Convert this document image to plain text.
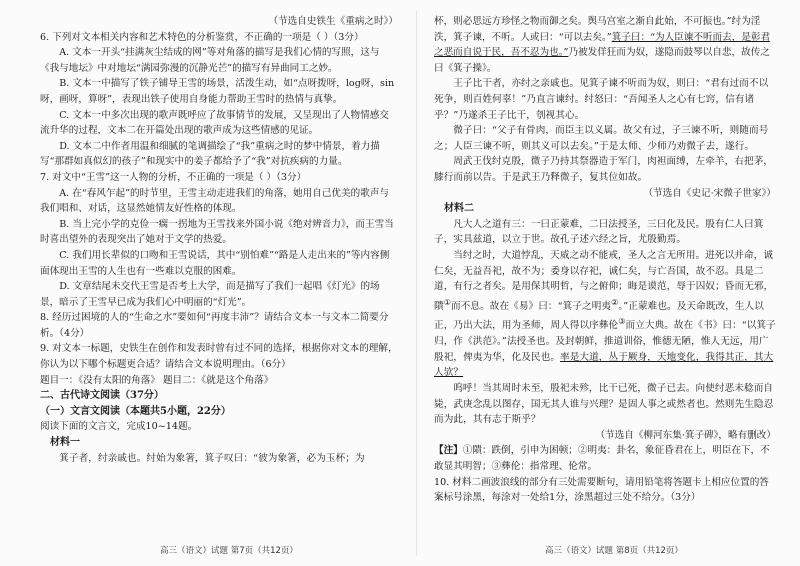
（节选自史铁生《重病之时》）

6. 下列对文本相关内容和艺术特色的分析鉴赏，不正确的一项是（ ）（3分）

A. 文本一开头“挂满灰尘结成的网”等对角落的描写是我们心情的写照，这与《我与地坛》中对地坛“满园弥漫的沉静光芒”的描写有异曲同工之妙。

B. 文本一中描写了铁子铺导王雪的场景，活泼生动，如“点呀拨呀，log呀，sin呀，画呀，算呀”，表现出铁子使用自身能力帮助王雪时的热情与真挚。

C. 文本一中多次出现的歌声既呼应了故事情节的发展，又呈现出了人物情感交流升华的过程，文本二在开篇处出现的歌声成为这些情感的见证。

D. 文本二中作者用温和细腻的笔调描绘了“我”重病之时的梦中情景，着力描写“那群如真似幻的孩子”和现实中的姜子都给予了“我”对抗疾病的力量。

7. 对文中“王雪”这一人物的分析，不正确的一项是（ ）（3分）

A. 在“春风乍起”的时节里，王雪主动走进我们的角落，她用自己优美的歌声与我们唱和、对话，这显然她情友好性格的体现。

B. 当上完小学的克俭一瘸一拐地为王雪找来外国小说《绝对辨音力》，而王雪当时喜出望外的表现突出了她对于文学的热爱。

C. 我们用长辈似的口吻和王雪说话，其中“别怕难”“路是人走出来的”等内容侧面体现出王雪的人生也有一些难以克服的困难。

D. 文章结尾未交代王雪是否考上大学，而是描写了我们一起唱《灯光》的场景，暗示了王雪早已成为我们心中明丽的“灯光”。

8. 经历过困境的人的“生命之水”要如何“再度丰沛”？请结合文本一与文本二简要分析。（4分）

9. 对文本一标题，史铁生在创作和发表时曾有过不同的选择，根据你对文本的理解，你认为以下哪个标题更合适？请结合文本说明理由。（6分）

题目一：《没有太阳的角落》 题目二：《就是这个角落》

二、古代诗文阅读（37分）

（一）文言文阅读（本题共5小题，22分）

阅读下面的文言文，完成10~14题。

材料一

箕子者，纣亲戚也。纣始为象箸，箕子叹曰：“彼为象箸，必为玉杯；为

杯，则必思远方珍怪之物而御之矣。舆马宫室之渐自此始，不可振也。”纣为淫泆，箕子谏，不听。人或曰：“可以去矣。”箕子曰：“为人臣谏不听而去，是彰君之恶而自说于民，吾不忍为也。”乃被发佯狂而为奴，遂隐而鼓琴以自悲，故传之曰《箕子操》。

王子比干者，亦纣之亲戚也。见箕子谏不听而为奴，则曰：“君有过而不以死争，则百姓何辜！”乃直言谏纣。纣怒曰：“吾闻圣人之心有七窍，信有诸乎？”乃遂杀王子比干，刳视其心。

微子曰：“父子有骨肉，而臣主以义属。故父有过，子三谏不听，则随而号之；人臣三谏不听，则其义可以去矣。”于是太师、少师乃劝微子去，遂行。

周武王伐纣克殷，微子乃持其祭器造于军门，肉袒面缚，左牵羊，右把茅，膝行而前以告。于是武王乃释微子，复其位如故。

（节选自《史记·宋微子世家》）

材料二

凡大人之道有三：一曰正蒙难，二曰法授圣，三曰化及民。殷有仁人曰箕子，实具兹道，以立于世。故孔子述六经之旨，尤殷勤焉。

当纣之时，大道悖乱，天威之动不能戒，圣人之言无所用。进死以并命，诚仁矣，无益吾祀，故不为；委身以存祀，诚仁矣，与亡吾国，故不忍。具是二道，有行之者矣。是用保其明哲，与之俯仰；晦是谟范，辱于囚奴；昏而无邪，隤①而不息。故在《易》曰：“箕子之明夷②。”正蒙难也。及天命既改，生人以正，乃出大法，用为圣师，周人得以序彝伦③而立大典。故在《书》曰：“以箕子归，作《洪范》。”法授圣也。及封朝鲜，推道训俗，惟德无陋，惟人无远，用广殷祀，俾夷为华，化及民也。率是大道，丛于厥身，天地变化，我得其正，其大人欤？

呜呼！当其周时未至，殷祀未殄，比干已死，微子已去。向使纣恶未稔而自毙，武庚念乱以图存，国无其人谁与兴理？是固人事之或然者也。然则先生隐忍而为此，其有志于斯乎？

（节选自《柳河东集·箕子碑》，略有删改）

【注】①隤：跌倒，引申为困顿；②明夷：卦名，象征昏君在上，明臣在下，不敢显其明智；③彝伦：指常理、伦常。

10. 材料二画波浪线的部分有三处需要断句，请用铅笔将答题卡上相应位置的答案标号涂黑，每涂对一处给1分，涂黑超过三处不给分。（3分）

高三（语文）试题 第7页（共12页）	高三（语文）试题 第8页（共12页）
